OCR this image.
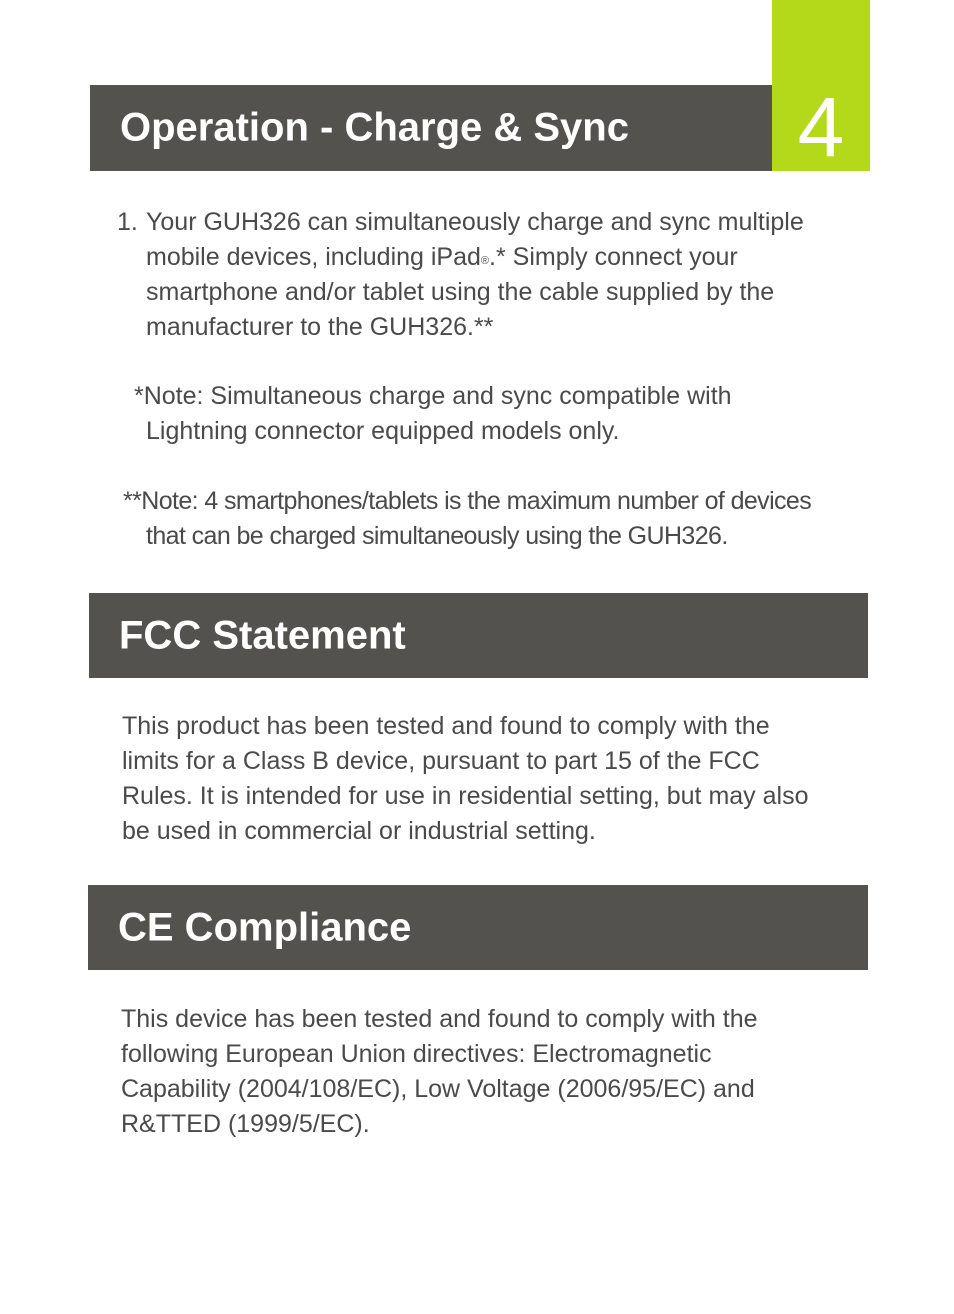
4
Operation - Charge & Sync
1. Your GUH326 can simultaneously charge and sync multiple
mobile devices, including iPad®.* Simply connect your
smartphone and/or tablet using the cable supplied by the
manufacturer to the GUH326.**
*Note: Simultaneous charge and sync compatible with
Lightning connector equipped models only.
**Note: 4 smartphones/tablets is the maximum number of devices
that can be charged simultaneously using the GUH326.
FCC Statement
This product has been tested and found to comply with the
limits for a Class B device, pursuant to part 15 of the FCC
Rules. It is intended for use in residential setting, but may also
be used in commercial or industrial setting.
CE Compliance
This device has been tested and found to comply with the
following European Union directives: Electromagnetic
Capability (2004/108/EC), Low Voltage (2006/95/EC) and
R&TTED (1999/5/EC).
